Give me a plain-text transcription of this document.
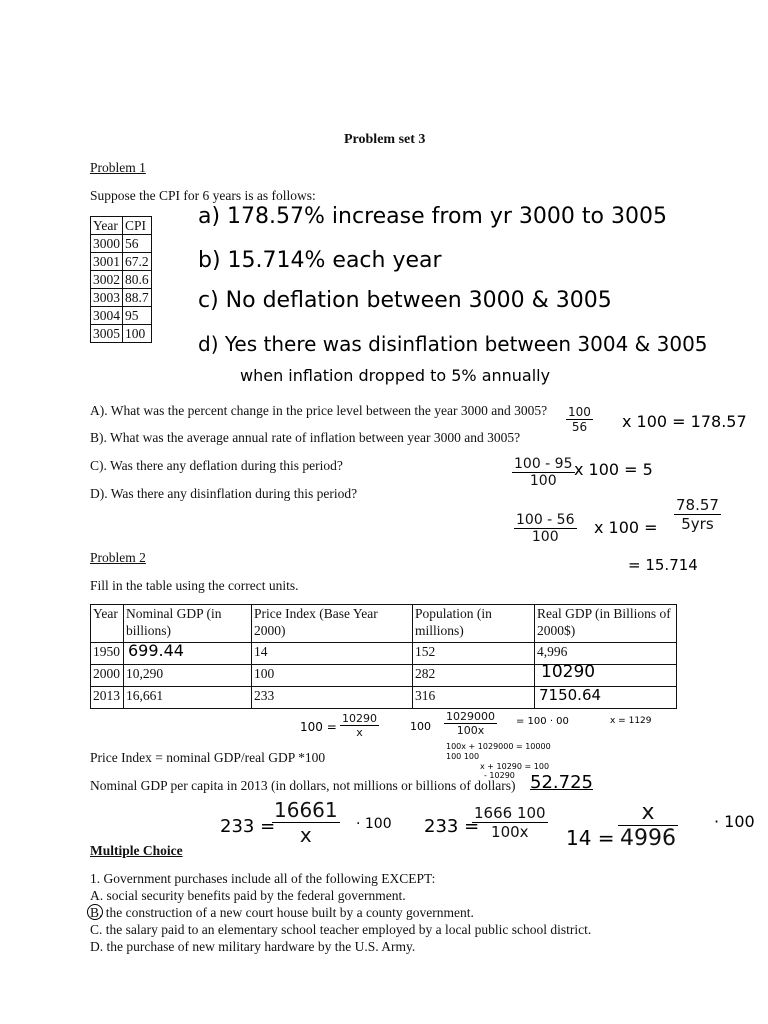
Problem set 3
Problem 1
Suppose the CPI for 6 years is as follows:
Year	CPI
3000	56
3001	67.2
3002	80.6
3003	88.7
3004	95
3005	100
a) 178.57% increase from yr 3000 to 3005
b) 15.714% each year
c) No deflation between 3000 & 3005
d) Yes there was disinflation between 3004 & 3005
when inflation dropped to 5% annually
A). What was the percent change in the price level between the year 3000 and 3005?
B). What was the average annual rate of inflation between year 3000 and 3005?
C). Was there any deflation during this period?
D). Was there any disinflation during this period?
$\frac{100}{56}$ x 100 = 178.57
$\frac{100 - 95}{100}$ x 100 = 5
$\frac{100 - 56}{100}$ x 100 =
78.57
5yrs
= 15.714
Problem 2
Fill in the table using the correct units.
Year	Nominal GDP (in billions)	Price Index (Base Year 2000)	Population (in millions)	Real GDP (in Billions of 2000$)
1950	699.44	14	152	4,996
2000	10,290	100	282	10290

2013	16,661	233	316	7150.64
$100 = \frac{10290}{x}$	$100 \frac{1029000}{100x} = 100 \cdot 00$	x = 1129
100x + 1029000 = 10000
100 100
x + 10290 = 100
- 10290
Price Index = nominal GDP/real GDP *100
Nominal GDP per capita in 2013 (in dollars, not millions or billions of dollars) 52.725
233 =
$\frac{16661}{x} \cdot 100$ 233 =
$\frac{1666 100}{100x} 14 = \frac{x}{4996} \cdot 100$
Multiple Choice
1. Government purchases include all of the following EXCEPT:
A. social security benefits paid by the federal government.
B. the construction of a new court house built by a county government.
C. the salary paid to an elementary school teacher employed by a local public school district.
D. the purchase of new military hardware by the U.S. Army.
